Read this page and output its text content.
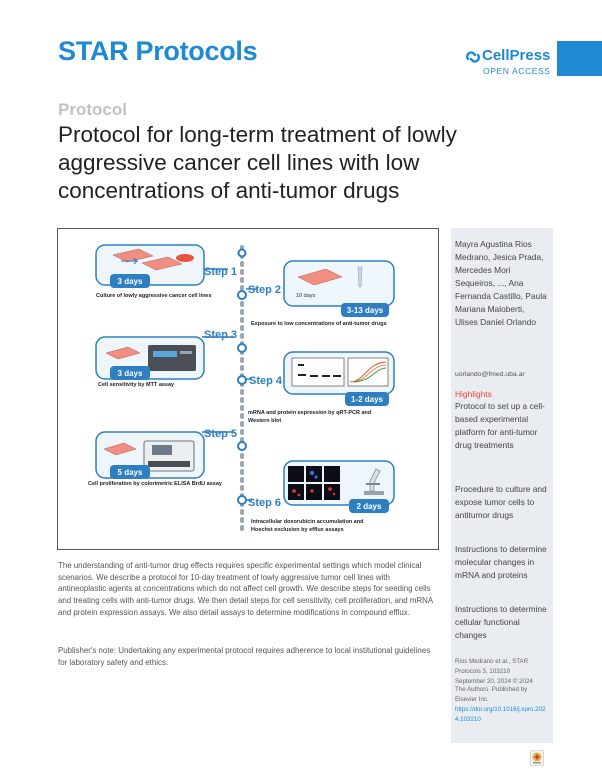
STAR Protocols	CellPress
OPEN ACCESS
Protocol
Protocol for long-term treatment of lowly aggressive cancer cell lines with low concentrations of anti-tumor drugs
3 days
Step 1
Culture of lowly aggressive cancer cell lines	10 days
3-13 days
Step 2
Exposure to low concentrations of anti-tumor drugs
3 days
Step 3
Cell sensitivity by MTT assay
1-2 days
Step 4
mRNA and protein expression by qRT-PCR and
Western blot
5 days
Step 5
Cell proliferation by colorimetric ELISA BrdU assay
2 days
Step 6
Intracellular doxorubicin accumulation and
Hoechst exclusion by efflux assays
Mayra Agustina Rios Medrano, Jesica Prada, Mercedes Mori Sequeiros, ..., Ana Fernanda Castillo, Paula Mariana Maloberti, Ulises Daniel Orlando
uorlando@fmed.uba.ar
Highlights
Protocol to set up a cell-based experimental platform for anti-tumor drug treatments
Procedure to culture and expose tumor cells to antitumor drugs
Instructions to determine molecular changes in mRNA and proteins
Instructions to determine cellular functional changes
Rios Medrano et al., STAR Protocols 5, 103210
September 20, 2024 © 2024
The Authors. Published by Elsevier Inc.
https://doi.org/10.1016/j.xpro.2024.103210
The understanding of anti-tumor drug effects requires specific experimental settings which model clinical scenarios. We describe a protocol for 10-day treatment of lowly aggressive tumor cell lines with antineoplastic agents at concentrations which do not affect cell growth. We describe steps for seeding cells and treating cells with anti-tumor drugs. We then detail steps for cell sensitivity, cell proliferation, and mRNA and protein expression assays. We also detail assays to determine modifications in compound efflux.
Publisher's note: Undertaking any experimental protocol requires adherence to local institutional guidelines for laboratory safety and ethics.
